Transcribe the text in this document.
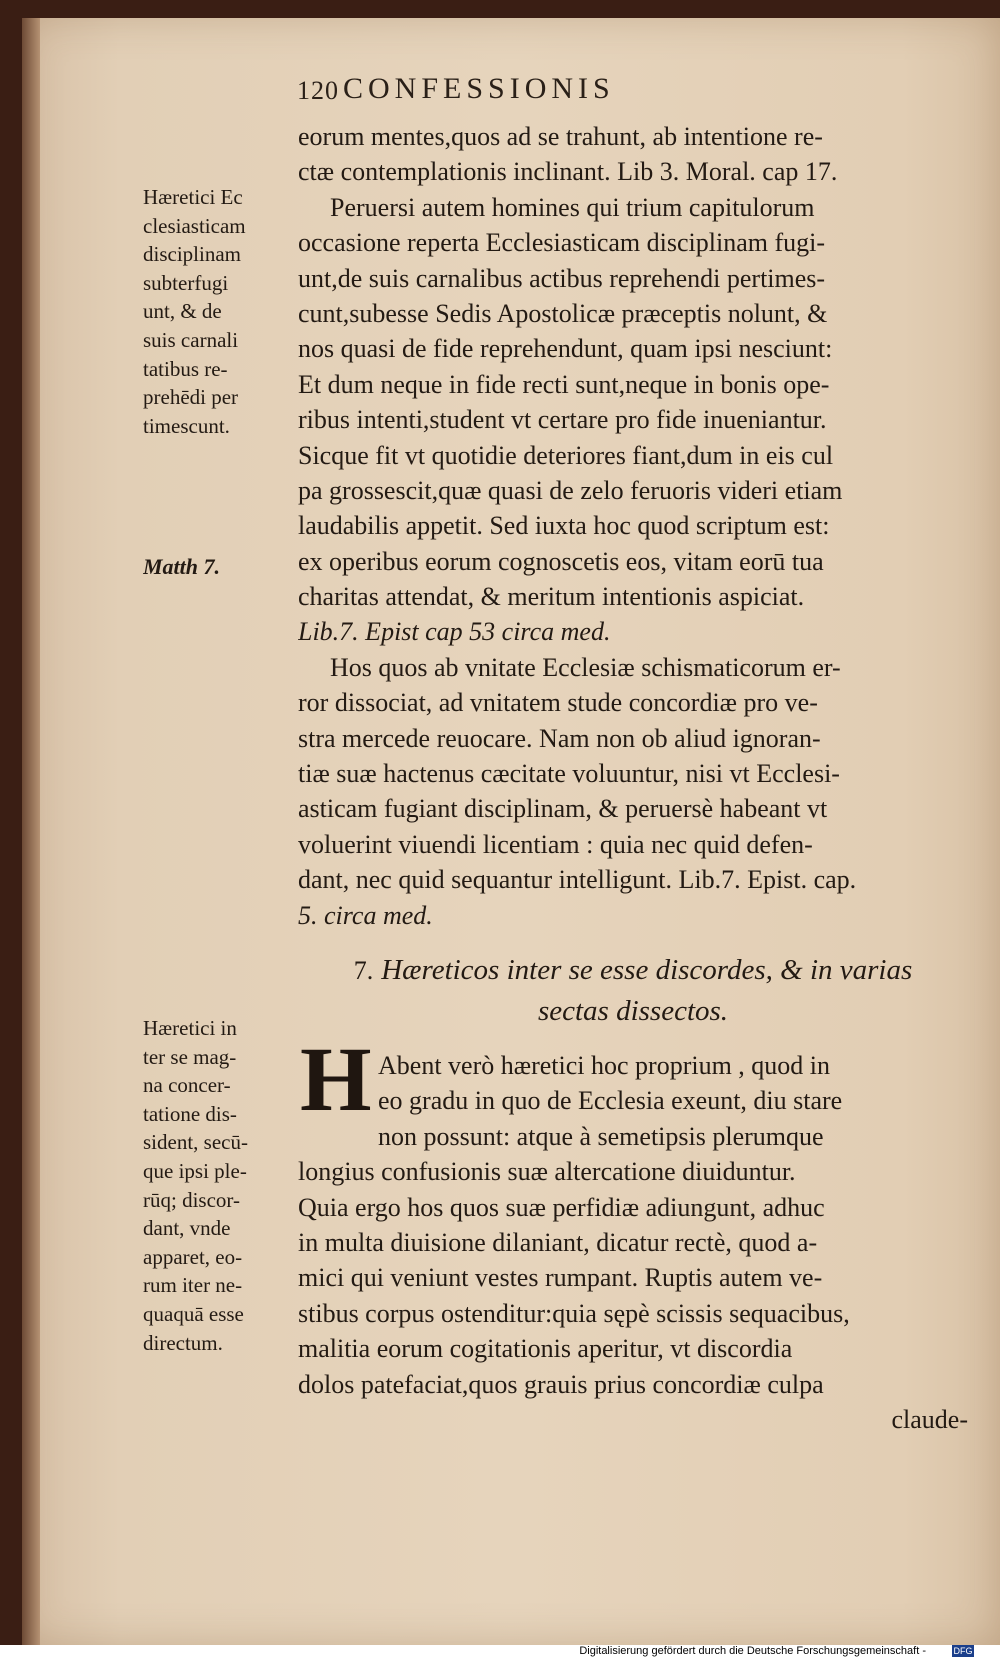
120 CONFESSIONIS
Hæretici Ec
clesiasticam
disciplinam
subterfugi
unt, & de
suis carnali
tatibus re-
prehēdi per
timescunt.
Matth 7.
Hæretici in
ter se mag-
na concer-
tatione dis-
sident, secū-
que ipsi ple-
rūq; discor-
dant, vnde
apparet, eo-
rum iter ne-
quaquā esse
directum.
eorum mentes,quos ad se trahunt, ab intentione re-
ctæ contemplationis inclinant. Lib 3. Moral. cap 17.
Peruersi autem homines qui trium capitulorum
occasione reperta Ecclesiasticam disciplinam fugi-
unt,de suis carnalibus actibus reprehendi pertimes-
cunt,subesse Sedis Apostolicæ præceptis nolunt, &
nos quasi de fide reprehendunt, quam ipsi nesciunt:
Et dum neque in fide recti sunt,neque in bonis ope-
ribus intenti,student vt certare pro fide inueniantur.
Sicque fit vt quotidie deteriores fiant,dum in eis cul
pa grossescit,quæ quasi de zelo feruoris videri etiam
laudabilis appetit. Sed iuxta hoc quod scriptum est:
ex operibus eorum cognoscetis eos, vitam eorū tua
charitas attendat, & meritum intentionis aspiciat.
Lib.7. Epist cap 53 circa med.
Hos quos ab vnitate Ecclesiæ schismaticorum er-
ror dissociat, ad vnitatem stude concordiæ pro ve-
stra mercede reuocare. Nam non ob aliud ignoran-
tiæ suæ hactenus cæcitate voluuntur, nisi vt Ecclesi-
asticam fugiant disciplinam, & peruersè habeant vt
voluerint viuendi licentiam : quia nec quid defen-
dant, nec quid sequantur intelligunt. Lib.7. Epist. cap.
5. circa med.
7. Hæreticos inter se esse discordes, & in varias
sectas dissectos.
H Abent verò hæretici hoc proprium , quod in
eo gradu in quo de Ecclesia exeunt, diu stare
non possunt: atque à semetipsis plerumque
longius confusionis suæ altercatione diuiduntur.
Quia ergo hos quos suæ perfidiæ adiungunt, adhuc
in multa diuisione dilaniant, dicatur rectè, quod a-
mici qui veniunt vestes rumpant. Ruptis autem ve-
stibus corpus ostenditur:quia sępè scissis sequacibus,
malitia eorum cogitationis aperitur, vt discordia
dolos patefaciat,quos grauis prius concordiæ culpa
claude-
Digitalisierung gefördert durch die Deutsche Forschungsgemeinschaft -	DFG
